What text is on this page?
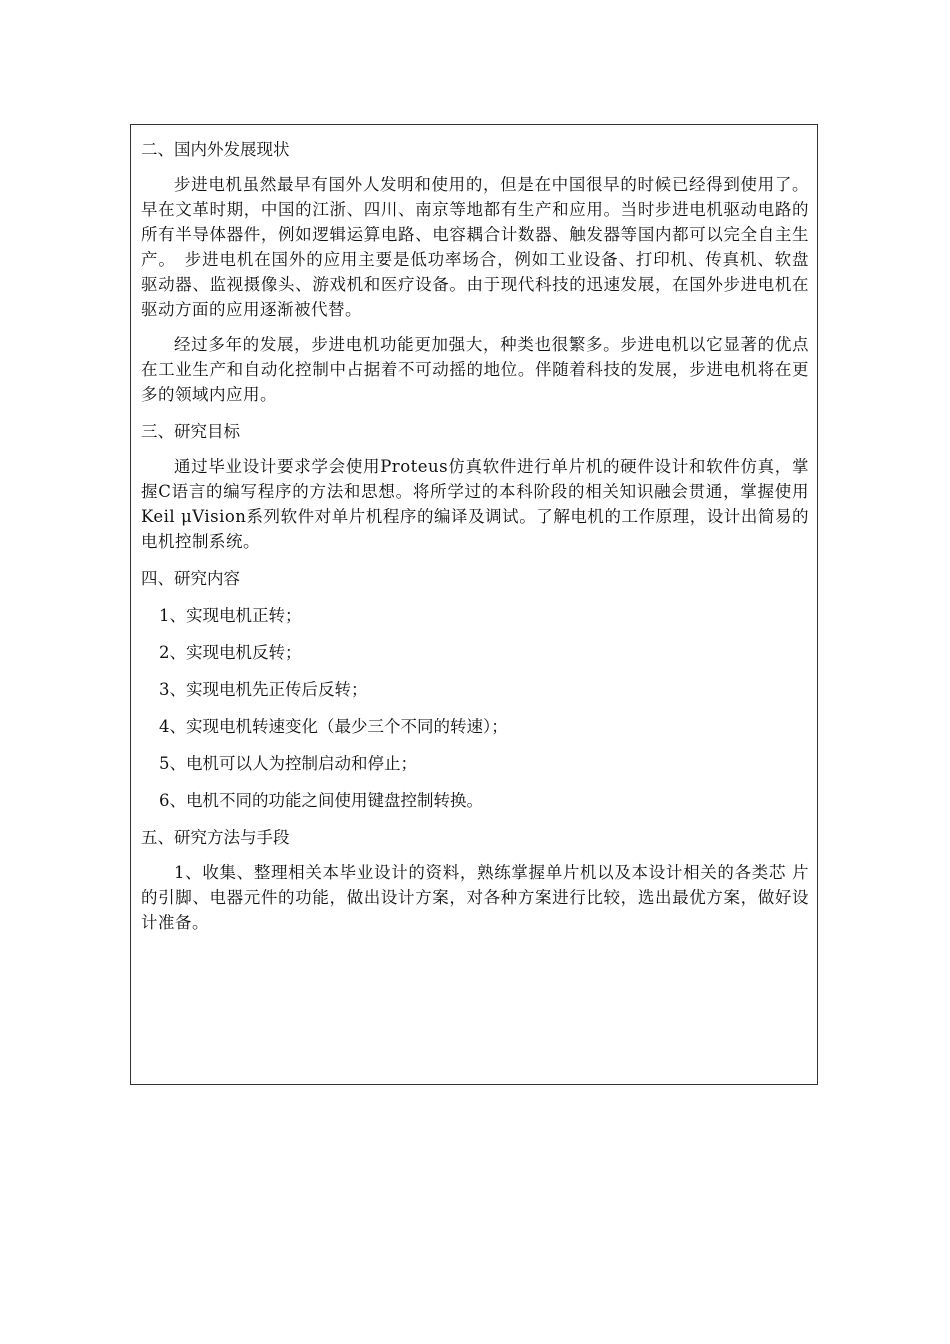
二、国内外发展现状

步进电机虽然最早有国外人发明和使用的，但是在中国很早的时候已经得到使用了。早在文革时期，中国的江浙、四川、南京等地都有生产和应用。当时步进电机驱动电路的所有半导体器件，例如逻辑运算电路、电容耦合计数器、触发器等国内都可以完全自主生产。　步进电机在国外的应用主要是低功率场合，例如工业设备、打印机、传真机、软盘驱动器、监视摄像头、游戏机和医疗设备。由于现代科技的迅速发展，在国外步进电机在驱动方面的应用逐渐被代替。

经过多年的发展，步进电机功能更加强大，种类也很繁多。步进电机以它显著的优点在工业生产和自动化控制中占据着不可动摇的地位。伴随着科技的发展，步进电机将在更多的领域内应用。

三、研究目标

通过毕业设计要求学会使用Proteus仿真软件进行单片机的硬件设计和软件仿真，掌握C语言的编写程序的方法和思想。将所学过的本科阶段的相关知识融会贯通，掌握使用Keil μVision系列软件对单片机程序的编译及调试。了解电机的工作原理，设计出简易的电机控制系统。

四、研究内容
1、实现电机正转；
2、实现电机反转；
3、实现电机先正传后反转；
4、实现电机转速变化（最少三个不同的转速）；
5、电机可以人为控制启动和停止；
6、电机不同的功能之间使用键盘控制转换。
五、研究方法与手段

1、收集、整理相关本毕业设计的资料，熟练掌握单片机以及本设计相关的各类芯 片的引脚、电器元件的功能，做出设计方案，对各种方案进行比较，选出最优方案，做好设计准备。
